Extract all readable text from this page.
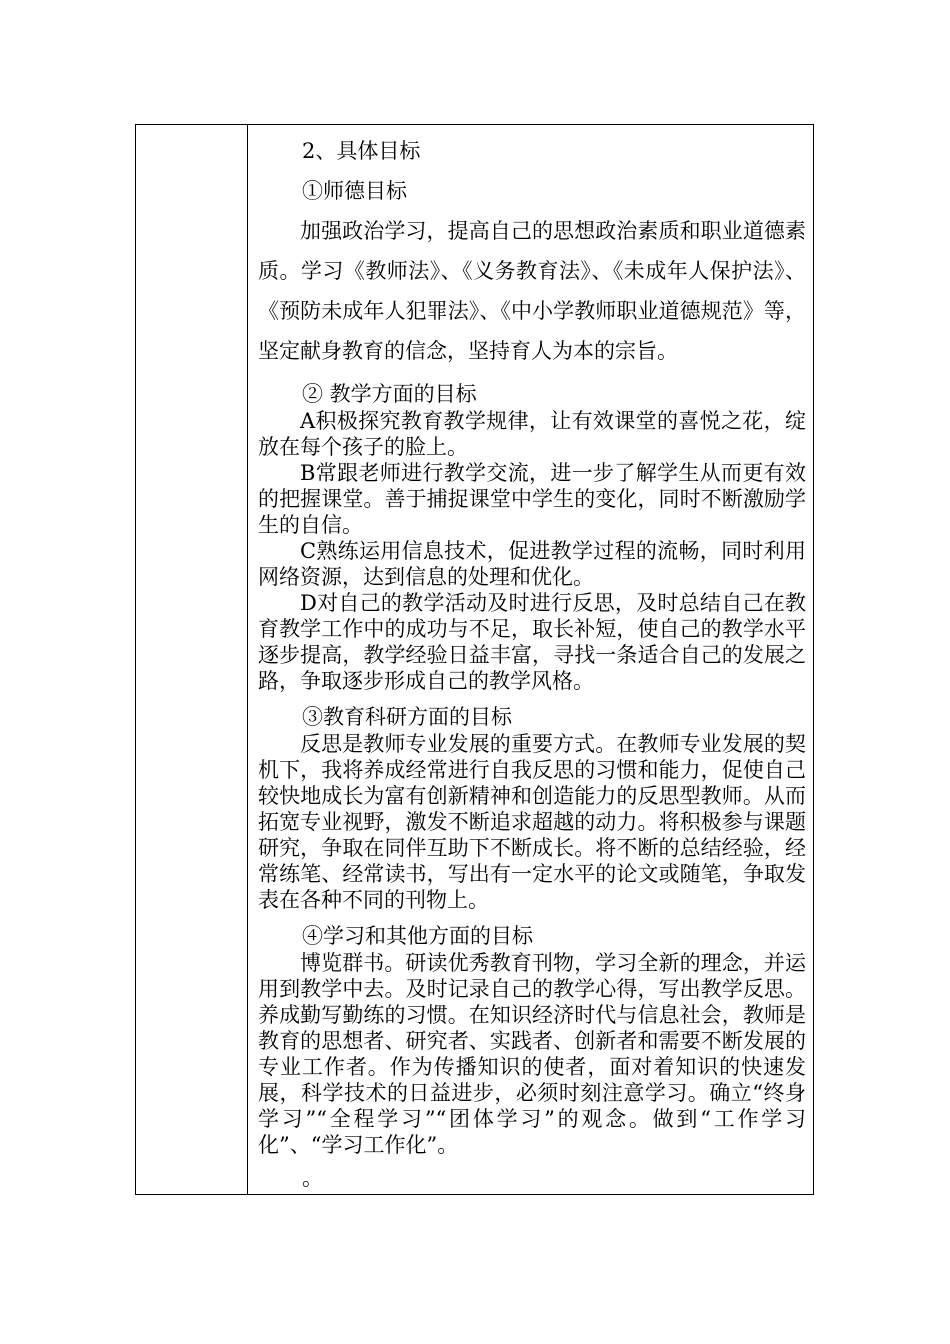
2、具体目标

①师德目标

加强政治学习，提高自己的思想政治素质和职业道德素质。学习《教师法》、《义务教育法》、《未成年人保护法》、《预防未成年人犯罪法》、《中小学教师职业道德规范》等，坚定献身教育的信念，坚持育人为本的宗旨。

② 教学方面的目标

A积极探究教育教学规律，让有效课堂的喜悦之花，绽放在每个孩子的脸上。

B常跟老师进行教学交流，进一步了解学生从而更有效的把握课堂。善于捕捉课堂中学生的变化，同时不断激励学生的自信。

C熟练运用信息技术，促进教学过程的流畅，同时利用网络资源，达到信息的处理和优化。

D对自己的教学活动及时进行反思，及时总结自己在教育教学工作中的成功与不足，取长补短，使自己的教学水平逐步提高，教学经验日益丰富，寻找一条适合自己的发展之路，争取逐步形成自己的教学风格。

③教育科研方面的目标

反思是教师专业发展的重要方式。在教师专业发展的契机下，我将养成经常进行自我反思的习惯和能力，促使自己较快地成长为富有创新精神和创造能力的反思型教师。从而拓宽专业视野，激发不断追求超越的动力。将积极参与课题研究，争取在同伴互助下不断成长。将不断的总结经验，经常练笔、经常读书，写出有一定水平的论文或随笔，争取发表在各种不同的刊物上。

④学习和其他方面的目标

博览群书。研读优秀教育刊物，学习全新的理念，并运用到教学中去。及时记录自己的教学心得，写出教学反思。养成勤写勤练的习惯。在知识经济时代与信息社会，教师是教育的思想者、研究者、实践者、创新者和需要不断发展的专业工作者。作为传播知识的使者，面对着知识的快速发展，科学技术的日益进步，必须时刻注意学习。确立“终身学习”“全程学习”“团体学习”的观念。做到“工作学习化”、“学习工作化”。

。
